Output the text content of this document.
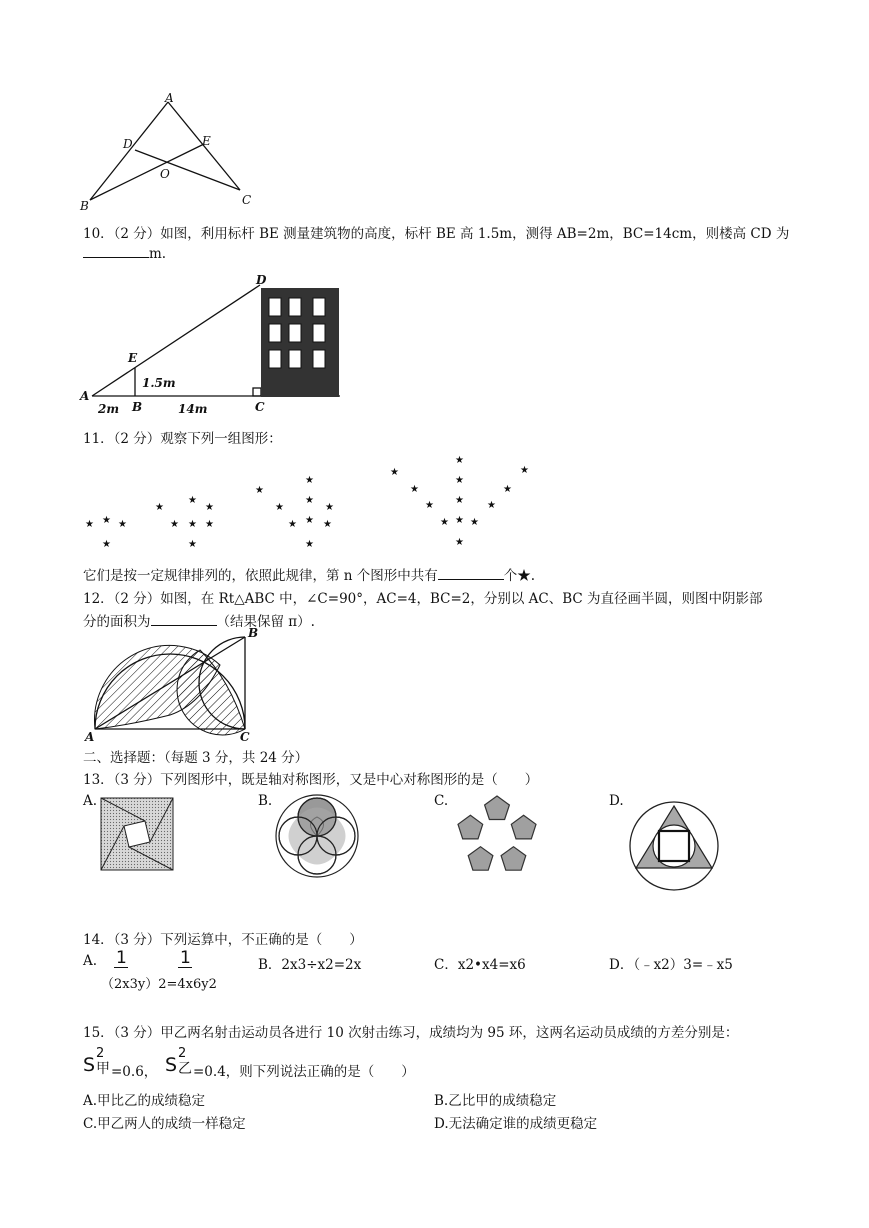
A
B	C
D	E
O
10．（2 分）如图，利用标杆 BE 测量建筑物的高度，标杆 BE 高 1.5m，测得 AB=2m，BC=14cm，则楼高 CD 为
m.
D
E
A
B	C
1.5m
2m	14m
11．（2 分）观察下列一组图形：
★ ★ ★
★
★
★
★
★ ★ ★
★
★
★
★
★
★
★ ★ ★
★
★
★
★
★
★
★
★
★ ★
★
★
★
★
它们是按一定规律排列的，依照此规律，第 n 个图形中共有	个★.
12．（2 分）如图，在 Rt△ABC 中，∠C=90°，AC=4，BC=2，分别以 AC、BC 为直径画半圆，则图中阴影部
分的面积为	（结果保留 π）.
B
A	C
二、选择题：（每题 3 分，共 24 分）
13．（3 分）下列图形中，既是轴对称图形，又是中心对称图形的是（　　）
A.	B.	C.	D.
14．（3 分）下列运算中，不正确的是（　　）
A. 1	1
（2x3y）2=4x6y2
B．2x3÷x2=2x	C．x2•x4=x6	D．（﹣x2）3=﹣x5
15．（3 分）甲乙两名射击运动员各进行 10 次射击练习，成绩均为 95 环，这两名运动员成绩的方差分别是：
S
2
甲 =0.6， S
2
乙 =0.4，则下列说法正确的是（　　）
A.甲比乙的成绩稳定	B.乙比甲的成绩稳定
C.甲乙两人的成绩一样稳定	D.无法确定谁的成绩更稳定
